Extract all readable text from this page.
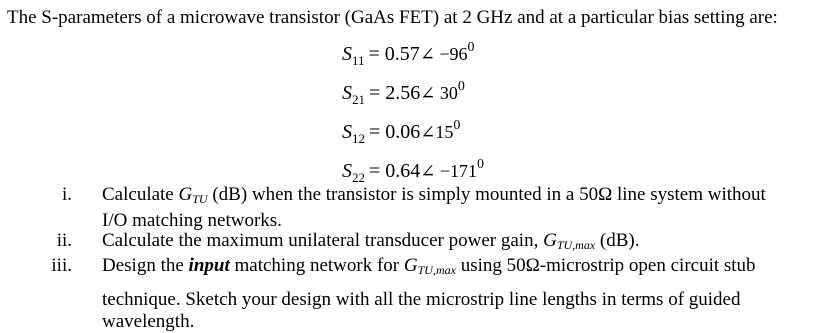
The S-parameters of a microwave transistor (GaAs FET) at 2 GHz and at a particular bias setting are:
$S_{11}$ = 0.57∠ $-96^0$
$S_{21}$ = 2.56∠ $30^0$
$S_{12}$ = $0.06\angle 15^0$
$S_{22}$ = 0.64∠ $-171^0$
i. Calculate $G_{TU}$ (dB) when the transistor is simply mounted in a 50Ω line system without
I/O matching networks.
ii. Calculate the maximum unilateral transducer power gain, $G_{TU,max}$ (dB).
iii. Design the input matching network for $G_{TU,max}$ using 50Ω-microstrip open circuit stub
technique. Sketch your design with all the microstrip line lengths in terms of guided
wavelength.
